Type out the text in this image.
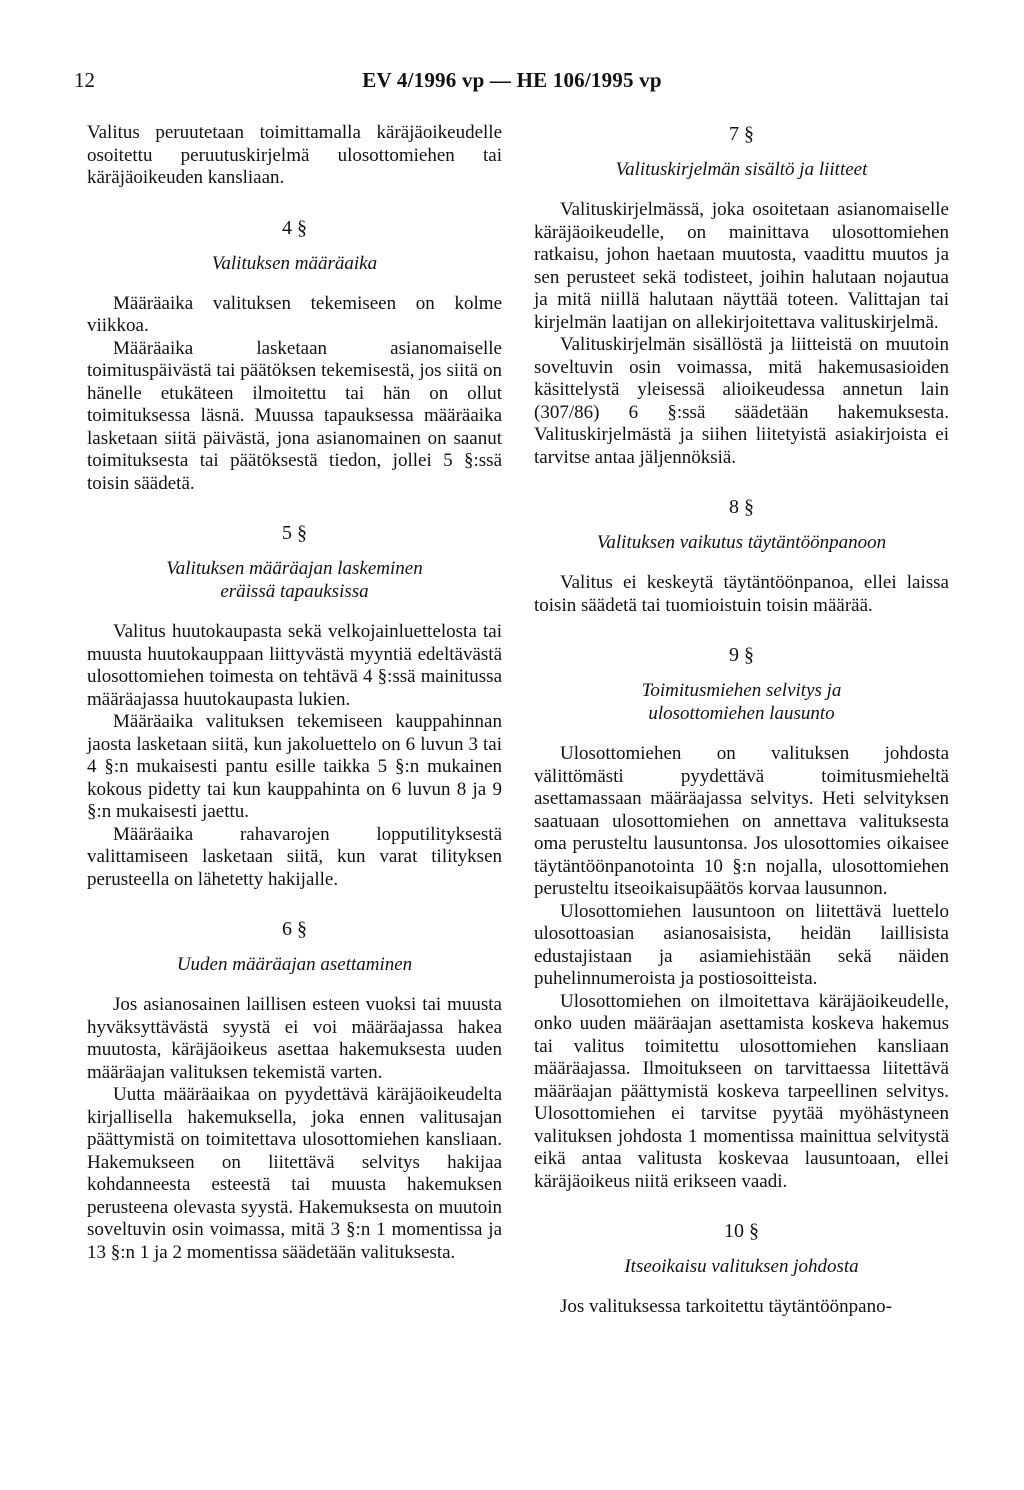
12	EV 4/1996 vp — HE 106/1995 vp

Valitus peruutetaan toimittamalla käräjäoikeudelle osoitettu peruutuskirjelmä ulosottomiehen tai käräjäoikeuden kansliaan.

4 §
Valituksen määräaika

Määräaika valituksen tekemiseen on kolme viikkoa.

Määräaika lasketaan asianomaiselle toimituspäivästä tai päätöksen tekemisestä, jos siitä on hänelle etukäteen ilmoitettu tai hän on ollut toimituksessa läsnä. Muussa tapauksessa määräaika lasketaan siitä päivästä, jona asianomainen on saanut toimituksesta tai päätöksestä tiedon, jollei 5 §:ssä toisin säädetä.

5 §
Valituksen määräajan laskeminen
eräissä tapauksissa

Valitus huutokaupasta sekä velkojainluettelosta tai muusta huutokauppaan liittyvästä myyntiä edeltävästä ulosottomiehen toimesta on tehtävä 4 §:ssä mainitussa määräajassa huutokaupasta lukien.

Määräaika valituksen tekemiseen kauppahinnan jaosta lasketaan siitä, kun jakoluettelo on 6 luvun 3 tai 4 §:n mukaisesti pantu esille taikka 5 §:n mukainen kokous pidetty tai kun kauppahinta on 6 luvun 8 ja 9 §:n mukaisesti jaettu.

Määräaika rahavarojen lopputilityksestä valittamiseen lasketaan siitä, kun varat tilityksen perusteella on lähetetty hakijalle.

6 §
Uuden määräajan asettaminen

Jos asianosainen laillisen esteen vuoksi tai muusta hyväksyttävästä syystä ei voi määräajassa hakea muutosta, käräjäoikeus asettaa hakemuksesta uuden määräajan valituksen tekemistä varten.

Uutta määräaikaa on pyydettävä käräjäoikeudelta kirjallisella hakemuksella, joka ennen valitusajan päättymistä on toimitettava ulosottomiehen kansliaan. Hakemukseen on liitettävä selvitys hakijaa kohdanneesta esteestä tai muusta hakemuksen perusteena olevasta syystä. Hakemuksesta on muutoin soveltuvin osin voimassa, mitä 3 §:n 1 momentissa ja 13 §:n 1 ja 2 momentissa säädetään valituksesta.

7 §
Valituskirjelmän sisältö ja liitteet

Valituskirjelmässä, joka osoitetaan asianomaiselle käräjäoikeudelle, on mainittava ulosottomiehen ratkaisu, johon haetaan muutosta, vaadittu muutos ja sen perusteet sekä todisteet, joihin halutaan nojautua ja mitä niillä halutaan näyttää toteen. Valittajan tai kirjelmän laatijan on allekirjoitettava valituskirjelmä.

Valituskirjelmän sisällöstä ja liitteistä on muutoin soveltuvin osin voimassa, mitä hakemusasioiden käsittelystä yleisessä alioikeudessa annetun lain (307/86) 6 §:ssä säädetään hakemuksesta. Valituskirjelmästä ja siihen liitetyistä asiakirjoista ei tarvitse antaa jäljennöksiä.

8 §
Valituksen vaikutus täytäntöönpanoon

Valitus ei keskeytä täytäntöönpanoa, ellei laissa toisin säädetä tai tuomioistuin toisin määrää.

9 §
Toimitusmiehen selvitys ja
ulosottomiehen lausunto

Ulosottomiehen on valituksen johdosta välittömästi pyydettävä toimitusmieheltä asettamassaan määräajassa selvitys. Heti selvityksen saatuaan ulosottomiehen on annettava valituksesta oma perusteltu lausuntonsa. Jos ulosottomies oikaisee täytäntöönpanotointa 10 §:n nojalla, ulosottomiehen perusteltu itseoikaisupäätös korvaa lausunnon.

Ulosottomiehen lausuntoon on liitettävä luettelo ulosottoasian asianosaisista, heidän laillisista edustajistaan ja asiamiehistään sekä näiden puhelinnumeroista ja postiosoitteista.

Ulosottomiehen on ilmoitettava käräjäoikeudelle, onko uuden määräajan asettamista koskeva hakemus tai valitus toimitettu ulosottomiehen kansliaan määräajassa. Ilmoitukseen on tarvittaessa liitettävä määräajan päättymistä koskeva tarpeellinen selvitys. Ulosottomiehen ei tarvitse pyytää myöhästyneen valituksen johdosta 1 momentissa mainittua selvitystä eikä antaa valitusta koskevaa lausuntoaan, ellei käräjäoikeus niitä erikseen vaadi.

10 §
Itseoikaisu valituksen johdosta

Jos valituksessa tarkoitettu täytäntöönpano-
